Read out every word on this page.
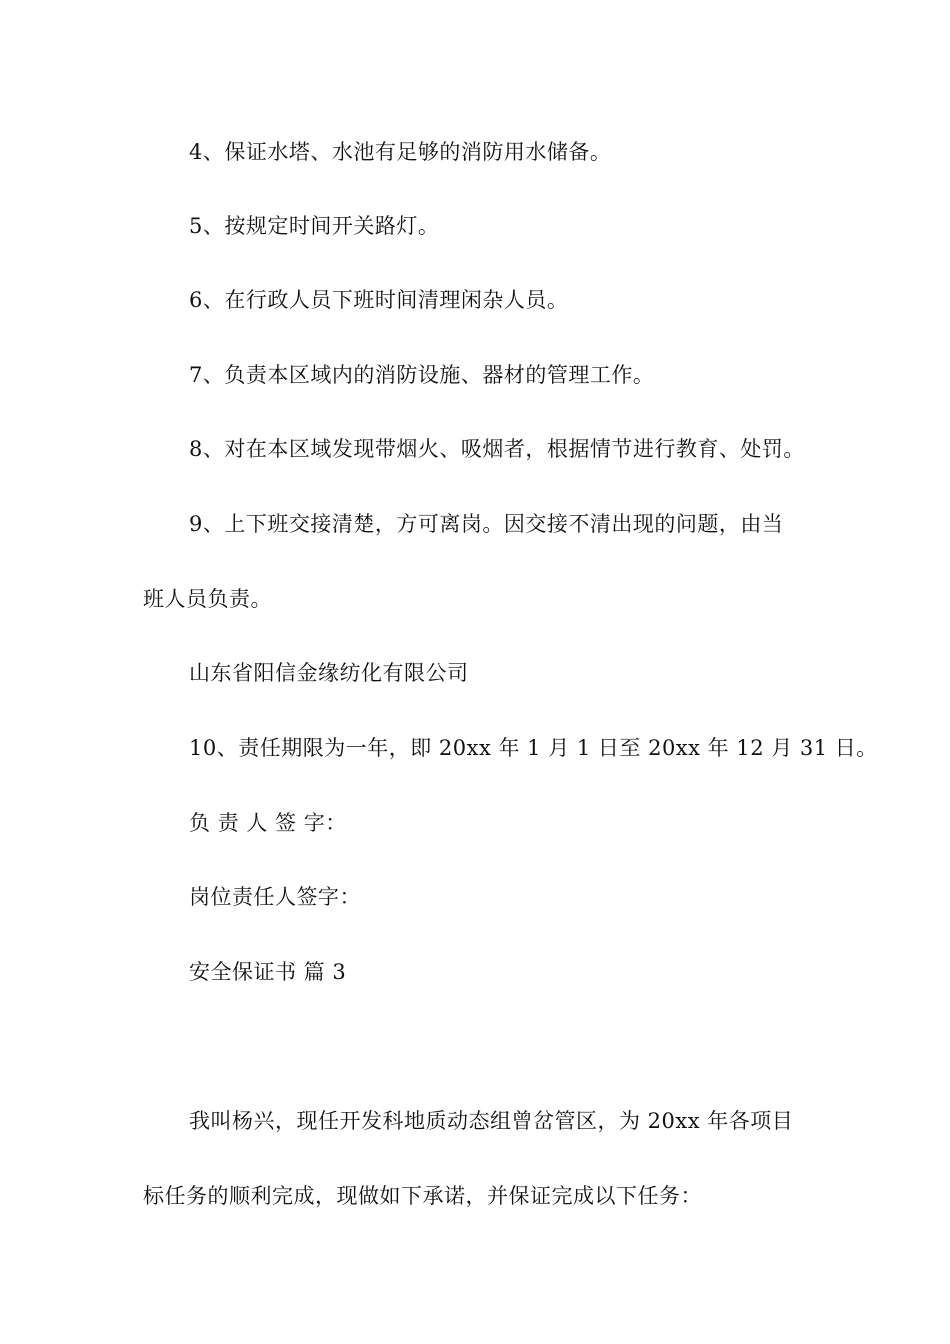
4、保证水塔、水池有足够的消防用水储备。
5、按规定时间开关路灯。
6、在行政人员下班时间清理闲杂人员。
7、负责本区域内的消防设施、器材的管理工作。
8、对在本区域发现带烟火、吸烟者，根据情节进行教育、处罚。
9、上下班交接清楚，方可离岗。因交接不清出现的问题，由当
班人员负责。
山东省阳信金缘纺化有限公司
10、责任期限为一年，即 20xx 年 1 月 1 日至 20xx 年 12 月 31 日。
负 责 人 签 字：
岗位责任人签字：
安全保证书 篇 3
我叫杨兴，现任开发科地质动态组曾岔管区，为 20xx 年各项目
标任务的顺利完成，现做如下承诺，并保证完成以下任务：
